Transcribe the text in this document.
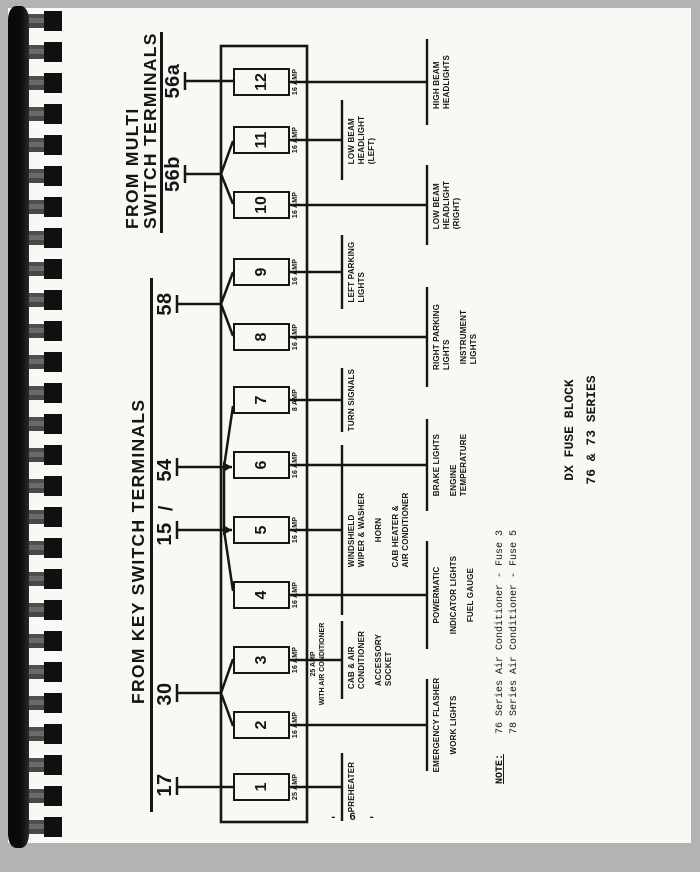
FROM KEY SWITCH TERMINALS
FROM MULTI
SWITCH TERMINALS
17
30
15
/
54
58
56b
56a
1	25 AMP	PREHEATER
2	16 AMP	EMERGENCY FLASHER WORK LIGHTS
3	16 AMP 25 AMP WITH AIR CONDITIONER	CAB & AIR CONDITIONER ACCESSORY SOCKET
4	16 AMP	POWERMATIC INDICATOR LIGHTS FUEL GAUGE
5	16 AMP	WINDSHIELD WIPER & WASHER HORN CAB HEATER & AIR CONDITIONER
6	16 AMP	BRAKE LIGHTS ENGINE TEMPERATURE
7	8 AMP	TURN SIGNALS
8	16 AMP	RIGHT PARKING LIGHTS INSTRUMENT LIGHTS
9	16 AMP	LEFT PARKING LIGHTS
10	16 AMP	LOW BEAM HEADLIGHT (RIGHT)
11	16 AMP	LOW BEAM HEADLIGHT (LEFT)
12	16 AMP	HIGH BEAM HEADLIGHTS
NOTE:
76 Series Air Conditioner - Fuse 3 78 Series Air Conditioner - Fuse 5
DX FUSE BLOCK 76 & 73 SERIES
- 6 -
